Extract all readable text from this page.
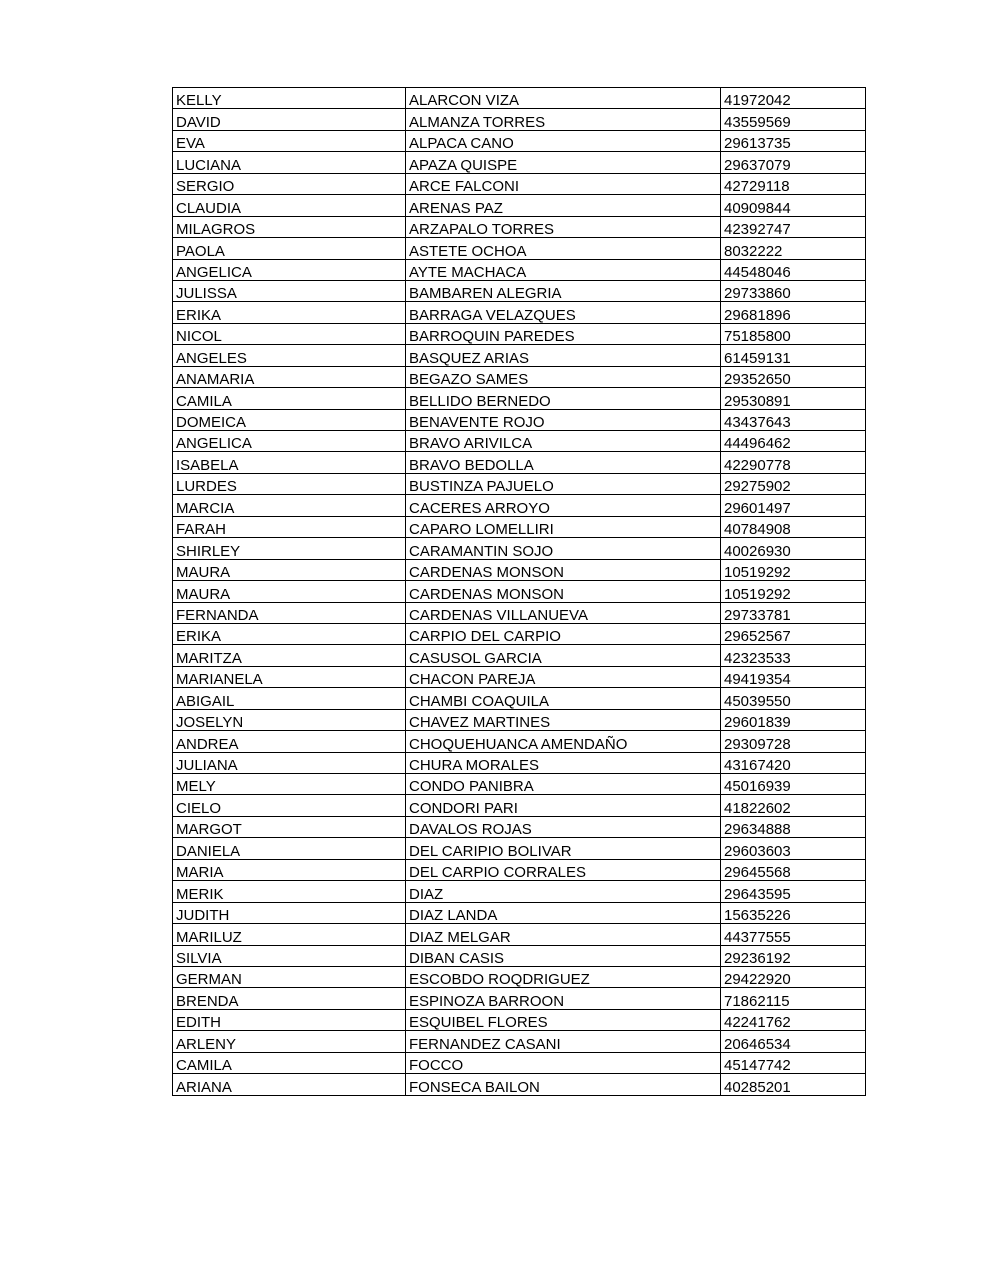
KELLY	ALARCON VIZA	41972042
DAVID	ALMANZA TORRES	43559569
EVA	ALPACA CANO	29613735
LUCIANA	APAZA QUISPE	29637079
SERGIO	ARCE FALCONI	42729118
CLAUDIA	ARENAS PAZ	40909844
MILAGROS	ARZAPALO TORRES	42392747
PAOLA	ASTETE OCHOA	8032222
ANGELICA	AYTE MACHACA	44548046
JULISSA	BAMBAREN ALEGRIA	29733860
ERIKA	BARRAGA VELAZQUES	29681896
NICOL	BARROQUIN PAREDES	75185800
ANGELES	BASQUEZ ARIAS	61459131
ANAMARIA	BEGAZO SAMES	29352650
CAMILA	BELLIDO BERNEDO	29530891
DOMEICA	BENAVENTE ROJO	43437643
ANGELICA	BRAVO ARIVILCA	44496462
ISABELA	BRAVO BEDOLLA	42290778
LURDES	BUSTINZA PAJUELO	29275902
MARCIA	CACERES ARROYO	29601497
FARAH	CAPARO LOMELLIRI	40784908
SHIRLEY	CARAMANTIN SOJO	40026930
MAURA	CARDENAS MONSON	10519292
MAURA	CARDENAS MONSON	10519292
FERNANDA	CARDENAS VILLANUEVA	29733781
ERIKA	CARPIO DEL CARPIO	29652567
MARITZA	CASUSOL GARCIA	42323533
MARIANELA	CHACON PAREJA	49419354
ABIGAIL	CHAMBI COAQUILA	45039550
JOSELYN	CHAVEZ MARTINES	29601839
ANDREA	CHOQUEHUANCA AMENDAÑO	29309728
JULIANA	CHURA MORALES	43167420
MELY	CONDO PANIBRA	45016939
CIELO	CONDORI PARI	41822602
MARGOT	DAVALOS ROJAS	29634888
DANIELA	DEL CARIPIO BOLIVAR	29603603
MARIA	DEL CARPIO CORRALES	29645568
MERIK	DIAZ	29643595
JUDITH	DIAZ LANDA	15635226
MARILUZ	DIAZ MELGAR	44377555
SILVIA	DIBAN CASIS	29236192
GERMAN	ESCOBDO ROQDRIGUEZ	29422920
BRENDA	ESPINOZA BARROON	71862115
EDITH	ESQUIBEL FLORES	42241762
ARLENY	FERNANDEZ CASANI	20646534
CAMILA	FOCCO	45147742
ARIANA	FONSECA BAILON	40285201
